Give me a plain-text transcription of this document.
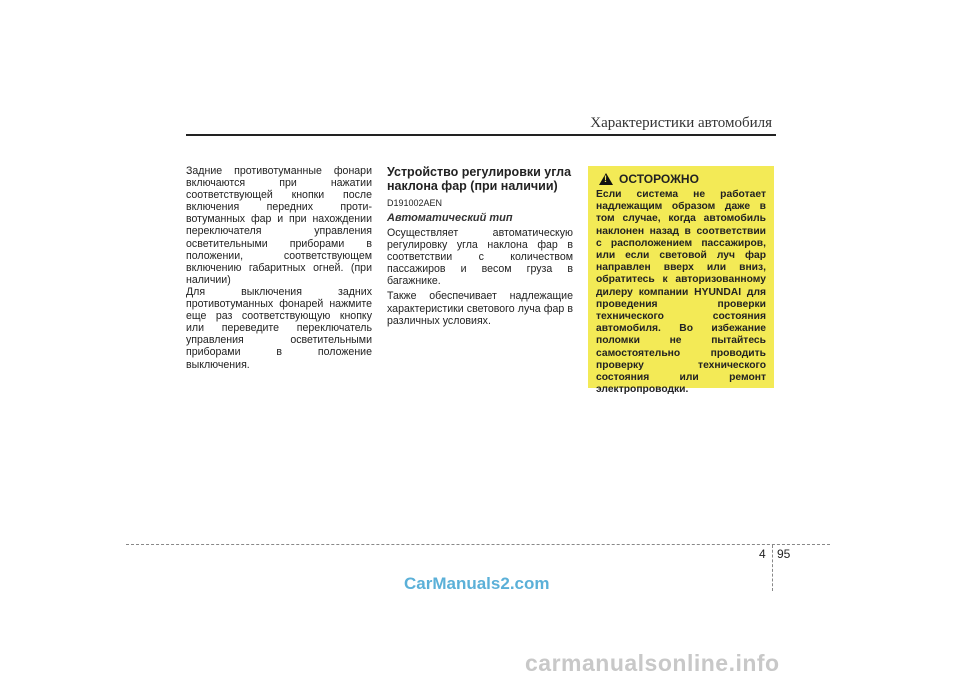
Характеристики автомобиля

Задние противотуманные фонари включаются при нажатии соответствующей кнопки после включения передних проти-вотуманных фар и при нахождении переключателя управления осветительными приборами в положении, соответствующем включению габаритных огней. (при наличии)

Для выключения задних противотуманных фонарей нажмите еще раз соответствующую кнопку или переведите переключатель управления осветительными приборами в положение выключения.

Устройство регулировки угла наклона фар (при наличии)

D191002AEN

Автоматический тип

Осуществляет автоматическую регулировку угла наклона фар в соответствии с количеством пассажиров и весом груза в багажнике.

Также обеспечивает надлежащие характеристики светового луча фар в различных условиях.

! ОСТОРОЖНО

Если система не работает надлежащим образом даже в том случае, когда автомобиль наклонен назад в соответствии с расположением пассажиров, или если световой луч фар направлен вверх или вниз, обратитесь к авторизованному дилеру компании HYUNDAI для проведения проверки технического состояния автомобиля. Во избежание поломки не пытайтесь самостоятельно проводить проверку технического состояния или ремонт электропроводки.

4 95
CarManuals2.com
carmanualsonline.info
